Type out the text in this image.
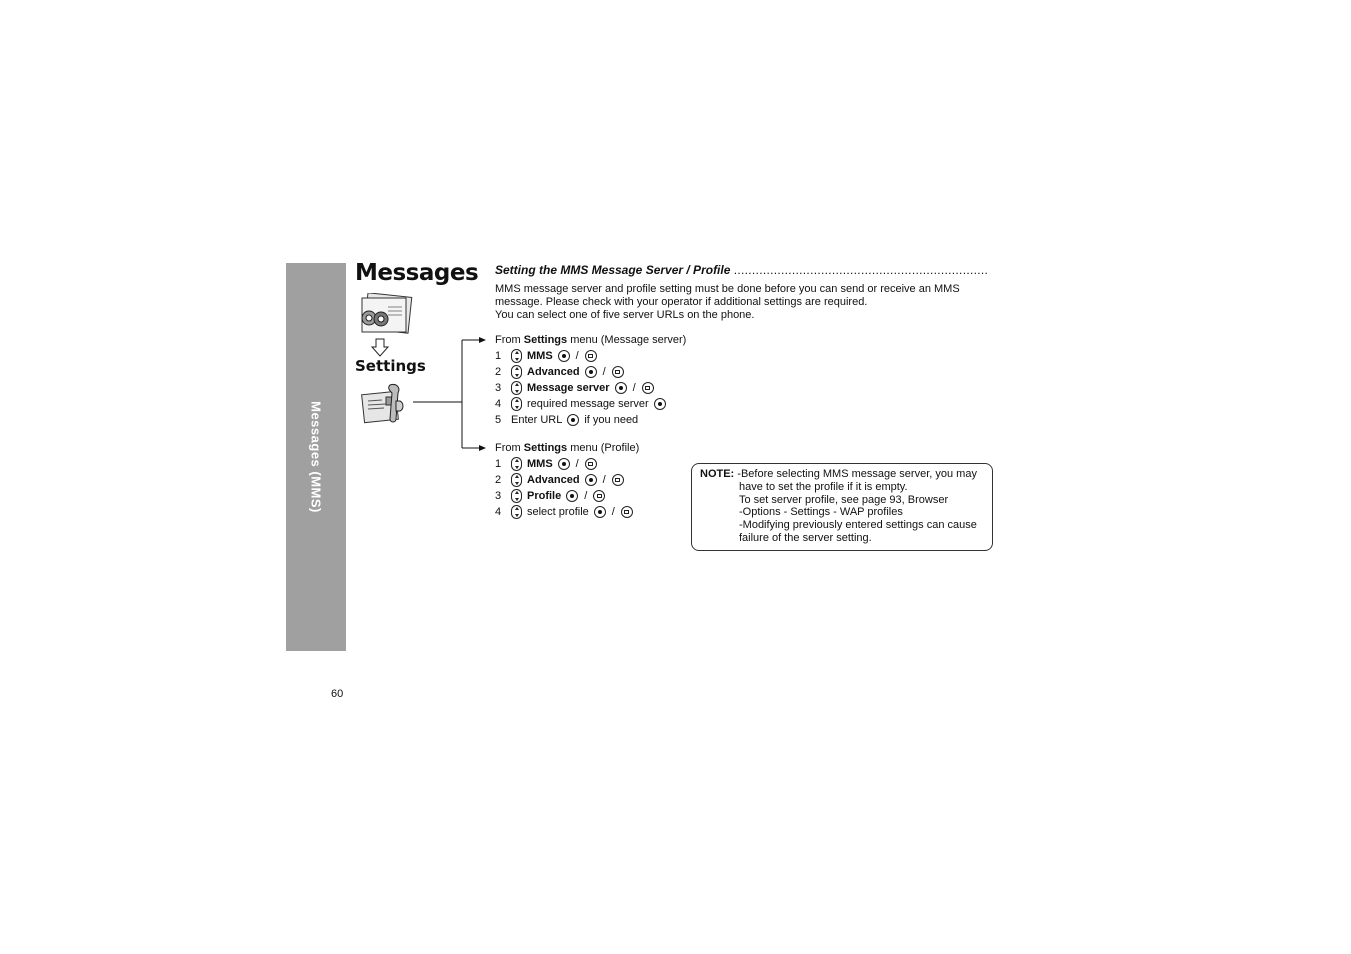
Messages (MMS)
Messages
Settings
Setting the MMS Message Server / Profile ......................................................................

MMS message server and profile setting must be done before you can send or receive an MMS message. Please check with your operator if additional settings are required.

You can select one of five server URLs on the phone.

From Settings menu (Message server)
1	MMS /
2	Advanced /
3	Message server /
4	required message server
5 Enter URL if you need
From Settings menu (Profile)
1	MMS /
2	Advanced /
3	Profile /
4	select profile /
NOTE: -Before selecting MMS message server, you may
have to set the profile if it is empty.
To set server profile, see page 93, Browser
-Options - Settings - WAP profiles
-Modifying previously entered settings can cause
failure of the server setting.
60
